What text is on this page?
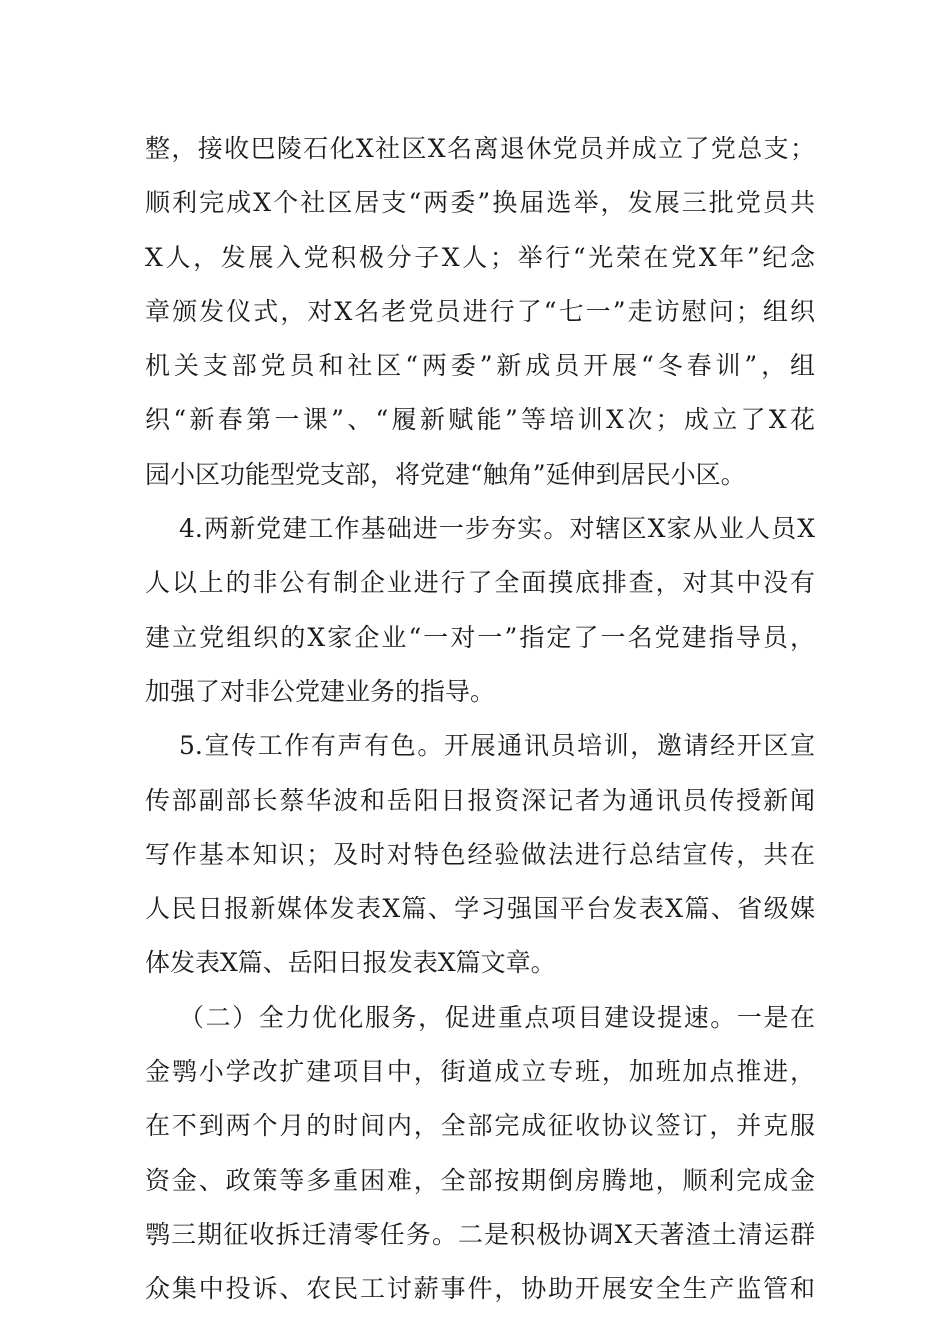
整，接收巴陵石化X社区X名离退休党员并成立了党总支；
顺利完成X个社区居支“两委”换届选举，发展三批党员共
X人，发展入党积极分子X人；举行“光荣在党X年”纪念
章颁发仪式，对X名老党员进行了“七一”走访慰问；组织
机关支部党员和社区“两委”新成员开展“冬春训”，组
织“新春第一课”、“履新赋能”等培训X次；成立了X花
园小区功能型党支部，将党建“触角”延伸到居民小区。
4.两新党建工作基础进一步夯实。对辖区X家从业人员X
人以上的非公有制企业进行了全面摸底排查，对其中没有
建立党组织的X家企业“一对一”指定了一名党建指导员，
加强了对非公党建业务的指导。
5.宣传工作有声有色。开展通讯员培训，邀请经开区宣
传部副部长蔡华波和岳阳日报资深记者为通讯员传授新闻
写作基本知识；及时对特色经验做法进行总结宣传，共在
人民日报新媒体发表X篇、学习强国平台发表X篇、省级媒
体发表X篇、岳阳日报发表X篇文章。
（二）全力优化服务，促进重点项目建设提速。一是在
金鹗小学改扩建项目中，街道成立专班，加班加点推进，
在不到两个月的时间内，全部完成征收协议签订，并克服
资金、政策等多重困难，全部按期倒房腾地，顺利完成金
鹗三期征收拆迁清零任务。二是积极协调X天著渣土清运群
众集中投诉、农民工讨薪事件，协助开展安全生产监管和
